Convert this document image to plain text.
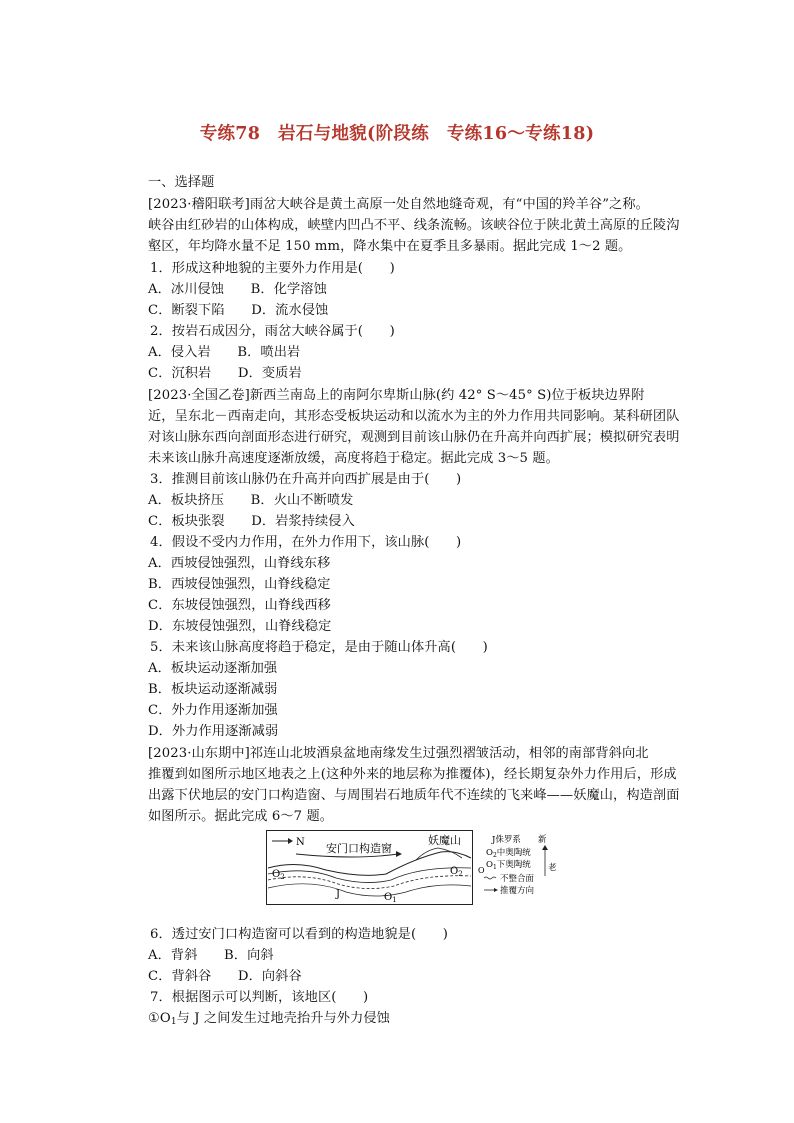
专练78　岩石与地貌(阶段练　专练16～专练18)
一、选择题
[2023·稽阳联考]雨岔大峡谷是黄土高原一处自然地缝奇观，有“中国的羚羊谷”之称。
峡谷由红砂岩的山体构成，峡壁内凹凸不平、线条流畅。该峡谷位于陕北黄土高原的丘陵沟
壑区，年均降水量不足 150 mm，降水集中在夏季且多暴雨。据此完成 1～2 题。
1．形成这种地貌的主要外力作用是(　　)
A．冰川侵蚀　　B．化学溶蚀
C．断裂下陷　　D．流水侵蚀
2．按岩石成因分，雨岔大峡谷属于(　　)
A．侵入岩　　B．喷出岩
C．沉积岩　　D．变质岩
[2023·全国乙卷]新西兰南岛上的南阿尔卑斯山脉(约 42° S～45° S)位于板块边界附
近，呈东北－西南走向，其形态受板块运动和以流水为主的外力作用共同影响。某科研团队
对该山脉东西向剖面形态进行研究，观测到目前该山脉仍在升高并向西扩展；模拟研究表明
未来该山脉升高速度逐渐放缓，高度将趋于稳定。据此完成 3～5 题。
3．推测目前该山脉仍在升高并向西扩展是由于(　　)
A．板块挤压　　B．火山不断喷发
C．板块张裂　　D．岩浆持续侵入
4．假设不受内力作用，在外力作用下，该山脉(　　)
A．西坡侵蚀强烈，山脊线东移
B．西坡侵蚀强烈，山脊线稳定
C．东坡侵蚀强烈，山脊线西移
D．东坡侵蚀强烈，山脊线稳定
5．未来该山脉高度将趋于稳定，是由于随山体升高(　　)
A．板块运动逐渐加强
B．板块运动逐渐减弱
C．外力作用逐渐加强
D．外力作用逐渐减弱
[2023·山东期中]祁连山北坡酒泉盆地南缘发生过强烈褶皱活动，相邻的南部背斜向北
推覆到如图所示地区地表之上(这种外来的地层称为推覆体)，经长期复杂外力作用后，形成
出露下伏地层的安门口构造窗、与周围岩石地质年代不连续的飞来峰——妖魔山，构造剖面
如图所示。据此完成 6～7 题。
N 安门口构造窗
妖魔山
$O_2$
J	$O_1$
$O_2$ O
J侏罗系 新
$O_2$中奥陶统
$O_1$下奥陶统 老
不整合面
推覆方向
6．透过安门口构造窗可以看到的构造地貌是(　　)
A．背斜　　B．向斜
C．背斜谷　　D．向斜谷
7．根据图示可以判断，该地区(　　)
$①O_1$与 J 之间发生过地壳抬升与外力侵蚀
